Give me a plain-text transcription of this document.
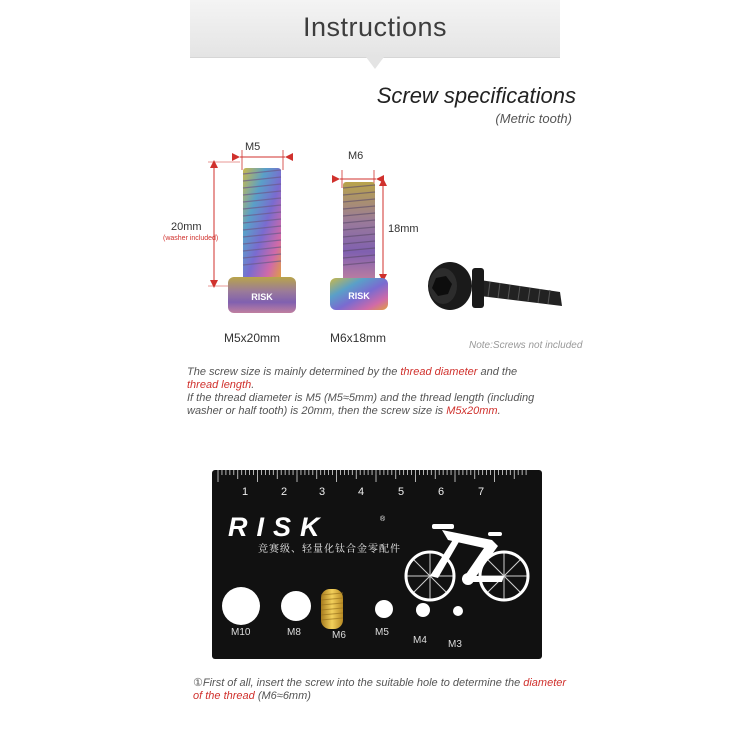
Instructions
Screw specifications
(Metric tooth)
RISK	RISK
M5
M6
20mm
(washer included)
18mm
M5x20mm	M6x18mm
Note:Screws not included
The screw size is mainly determined by the thread diameter and the thread length.
If the thread diameter is M5 (M5≈5mm) and the thread length (including washer or half tooth) is 20mm, then the screw size is M5x20mm.
1	2	3	4	5	6	7
RISK	®
竞赛级、轻量化钛合金零配件
M10	M8	M6	M5
M4 M3
①First of all, insert the screw into the suitable hole to determine the diameter of the thread (M6≈6mm)
